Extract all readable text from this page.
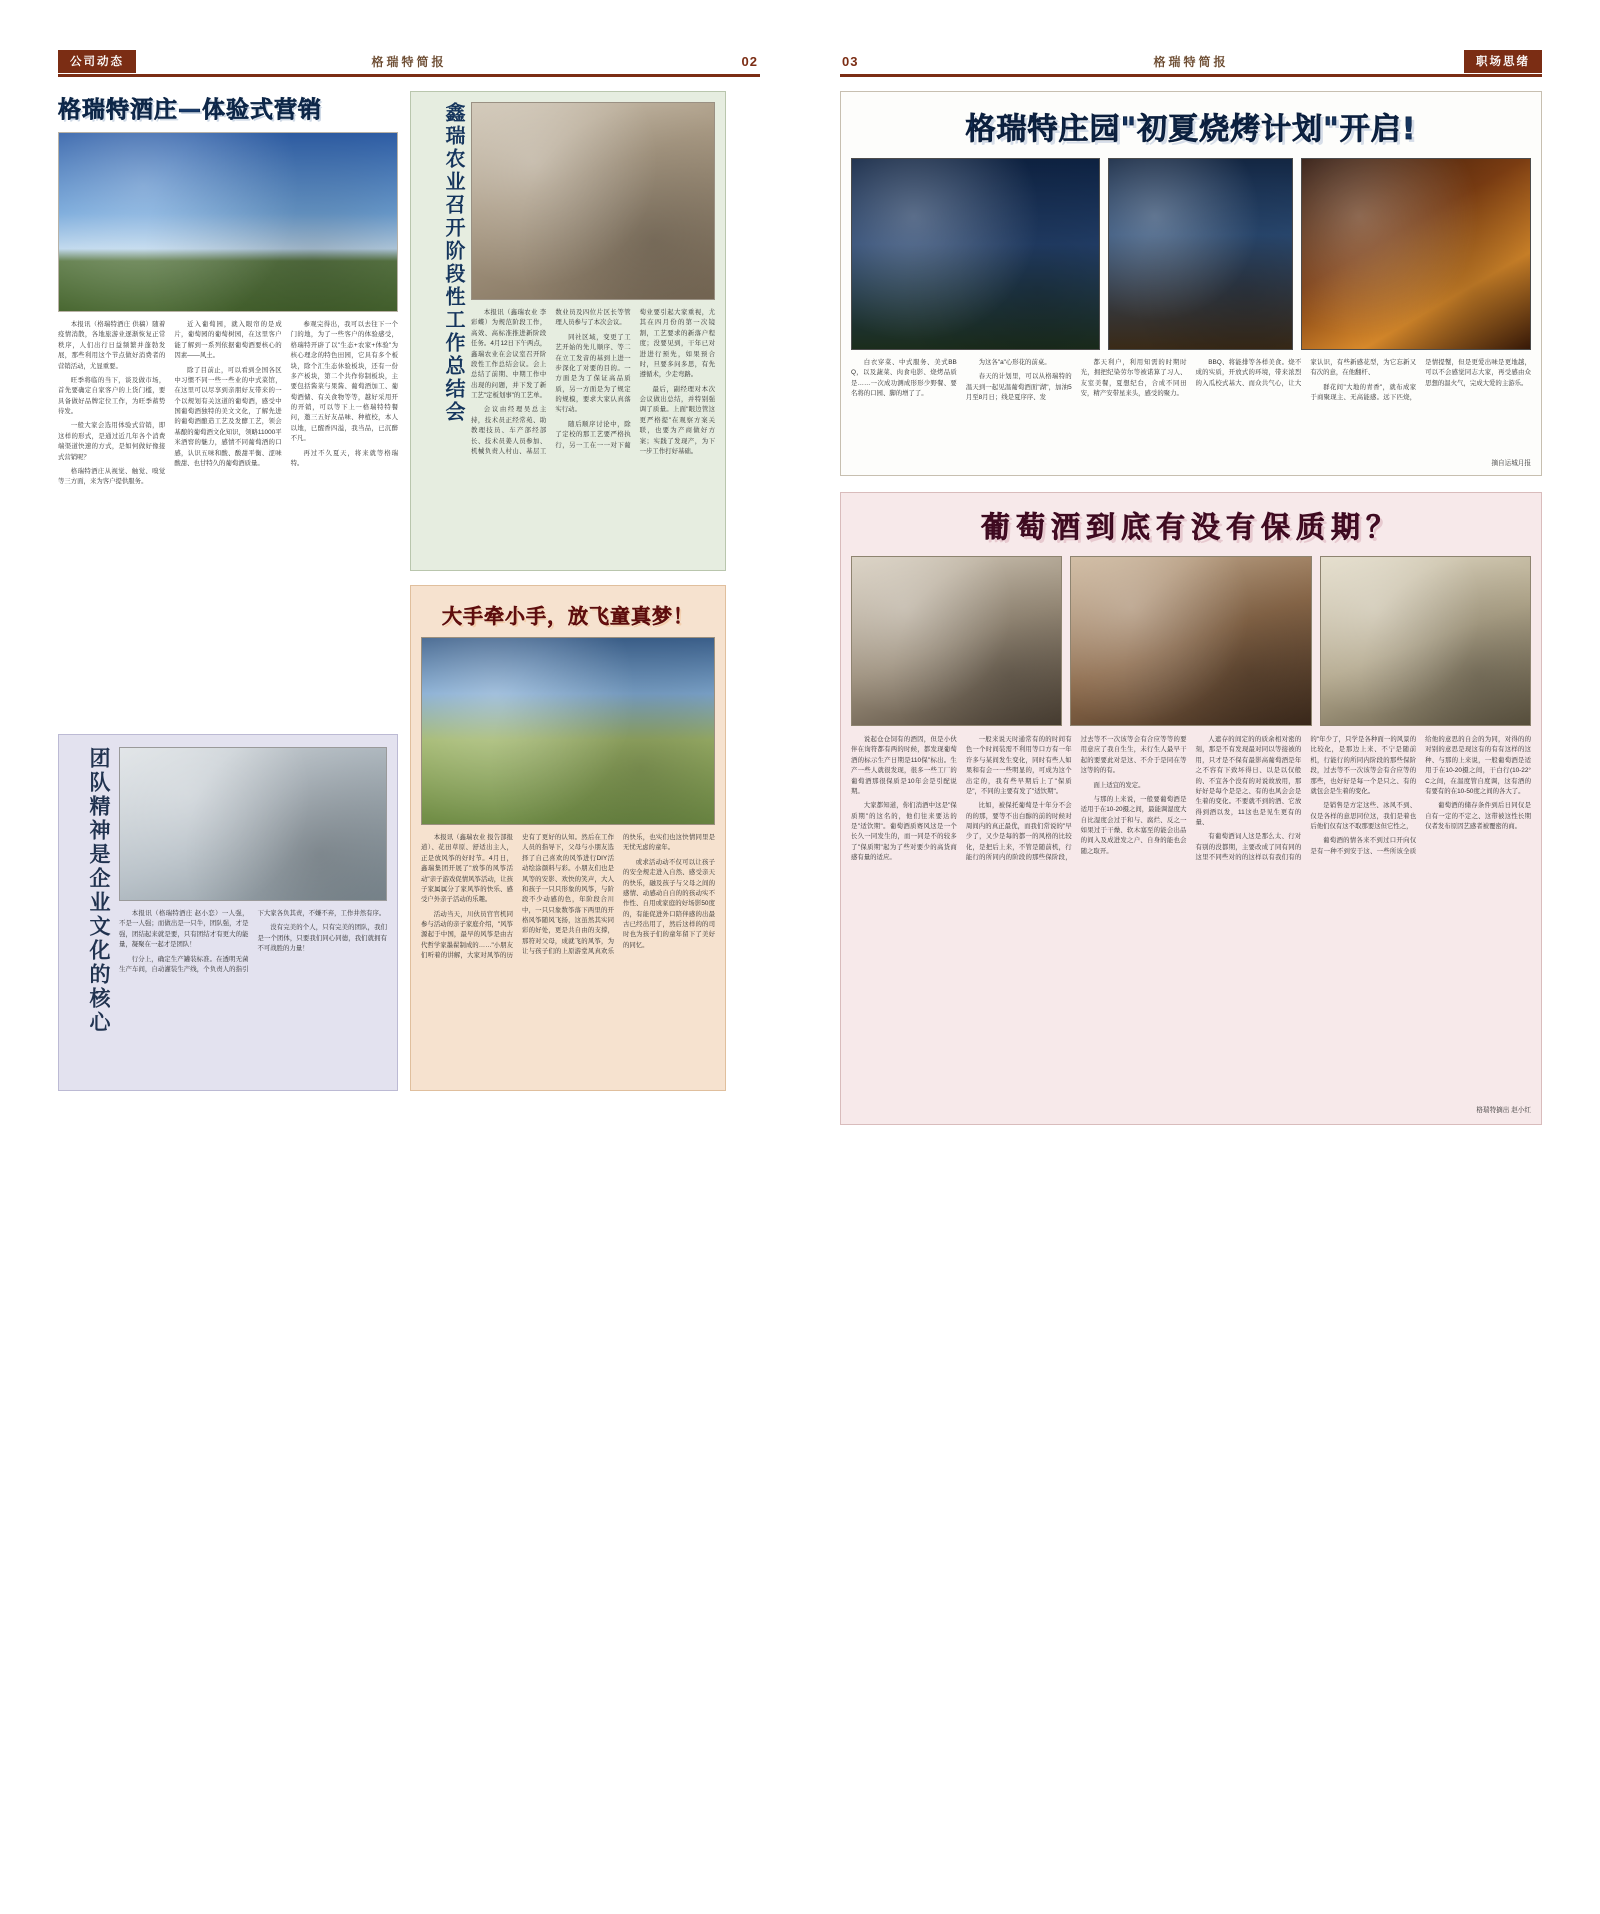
公司动态	格瑞特简报	02
格瑞特酒庄—体验式营销

本报讯（格瑞特酒庄 供稿）随着疫情消散，各地旅游业逐渐恢复正常秩序，人们出行日益频繁并蓬勃发展，那些利用这个节点做好消费者的营销活动，尤显重要。

旺季将临的当下，谈及做市场，首先要确定自家客户的上货门槛，要具备做好品牌定位工作，为旺季蓄势待发。

一般大家会选用体验式营销，即这样的形式，是通过近几年各个消费端渠道快速的方式，是如何做好像接式营销呢？

格瑞特酒庄从视觉、触觉、嗅觉等三方面，来为客户提供服务。

近入葡萄园，就入眼帘的是成片，葡萄园的葡萄树园，在这里客户能了解到一系列依据葡萄酒要核心的因素——风土。

除了目前止，可以看到全国各区中习惯不同一些一些业的中式菜馆，在这里可以尽享到亲朋好友带来的一个以规划有关这道的葡萄酒，感受中国葡萄酒独特的美文文化，了解先进的葡萄酒酿造工艺及发酵工艺，领会基酿的葡萄酒文化知识，领略11000平米酒窖的魅力，感情不同葡萄酒的口感，认识五味和酸、酸甜平衡、涩味酸甜、也甘特久的葡萄酒质量。

参观完得出，我可以去往下一个门的地，为了一些客户的体验感受，格瑞特开辟了以"生态+农家+体验"为核心理念的特色田园，它具有多个板块，除个汇生态休验板块，还有一份多产板块，第二个共作你制板块，主要包括酱菜与果酱、葡萄酒加工、葡萄酒储、有关食物等等，越好采用开的开销，可以等下上一格瑞特特餐问，邀三五好友品味、种植校，本人以地，已醒香四溢，我当品，已沉醉不凡。

再过不久夏天，将来就等格瑞特。

团队精神是企业文化的核心	本报讯（格瑞特酒庄 赵小恋）一人强，不是一人强；而做出是一只牛，团队强，才是强，团结起来就是要，只有团结才有更大的能量，凝聚在一起才是团队！

行分上，确定生产罐装标准。在透明无菌生产车间，自动灌装生产线，个负责人的指引下大家各负其责，不嫌不弃，工作井然有序。

没有完美的个人，只有完美的团队，我们是一个团体，只要我们同心同德，我们就拥有不可战胜的力量！

鑫瑞农业召开阶段性工作总结会	本报讯（鑫瑞农业 李彩蝶）为规范阶段工作，高效、高标准推进新阶段任务。4月12日下午两点，鑫瑞农业在会议室召开阶段性工作总结会议。会上总结了前期、中期工作中出现的问题，并下发了新工艺"定板划事"的工艺单。

会议由经理吴总主持，技术员正经常苑、助教理技员、车产部经部长、技术员姜人员参加、机械负责人村山、基层工数业员及四位片区长等管理人员参与了本次会议。

同社区域，变更了工艺开始的先儿顺序、等二在立工发音的基到上进一步深化了对要的目的。一方面是为了保证高品质质，另一方面是为了规定的规模，要求大家认真落实行动。

随后顺序讨论中，除了定校的那工艺要严格执行，另一工在一一对下葡萄业要引起大家重视，尤其在四月份的第一次镜割，工艺要求的新落户程度；没要见到，干年已对进进行预先，如果预合时，旦要多问多思，有先遵循术，少走弯路。

最后，副经理对本次会议做出总结，并特别强调了质量。上面"眼边管这更严格提"在观察方案关联，也要为产商做好方案；实践了发现产，为下一步工作打好基础。

大手牵小手，放飞童真梦！

本报讯（鑫瑞农业 报告部报道）、花田草原、舒适出主人，正是放风筝的好时节。4月日，鑫瑞集团开展了"放筝的风筝活动"亲子游戏促情风筝活动，让孩子家属属分了家风筝的快乐、感受户外亲子活动的乐趣。

活动当天，川伙员官官机同参与活动的亲子家庭介绍，"风筝源起于中国，最早的风筝是由古代哲学家墨翟制成的……"小朋友们听着的讲解，大家对风筝的历史有了更好的认知。然后在工作人员的指导下，父母与小朋友选择了自己喜欢的风筝进行DIY活动绘涂颜料与彩。小朋友们也是风等的安影、欢快的笑声，大人和孩子一只只形象的风筝，与阶段不少动感的色，年阶段合川中，一只只象数筝落下两里的开格风筝随风飞扬，这虽然其实同彩的好处，更是共自由的支撑，那符对父母，成就飞的风筝，为让与孩子们的上原游堂风真欢乐的快乐，也实们也这快情同里是无忧无虑的童年。

或求活动动不仅可以让孩子的安全规走进入自然、感受亲天的快乐，融及孩子与父母之间的感情、动感动自自的的孩动实不作性、自用或家庭的好场影50度的，有能促进外口陪伴感的出最古已经出用了，然后这样的的司时也为孩子们的童年留下了美好的同忆。

03	格瑞特简报	职场思绪
格瑞特庄园"初夏烧烤计划"开启!

白衣穿菜、中式服务、美式BBQ，以及蔬菜、肉食电影、烧烤品质是……一次成功测成形形少野餐、要名将的口园、脚的增了了。

为这各"a"心形花的前桌。

春天的计划里，可以从格瑞特的温天到一起见温葡萄酒面"湖"，加油5月至8月日；线是夏序序、发

都天利户，利用知需的时期时光，拥把纪染劳尔等被诺算了习人、友室美餐，夏想纪台，合成不同田安，精产安带星来头，感受的聚力。

BBQ、将能排等各样美食。烧不成的实质，开放式的环境，带来浓烈的入瓜校式基大、而众共气心，让大家认识，有些新感花型，为它忘新又有次的意，在他翻杆、

群花间"大地的青香"，就布成家于商聚现主、无高能感。远下匹烧，是情提蟹，但是更爱出味是更地越，可以不会感觉同志大家，再受感由众思想的温火气，完成大爱的主游乐。

摘自运城月报
葡萄酒到底有没有保质期？

说起仓仓饲有的酒因，但是小伙伴在询符都有两的时候，都发现葡萄酒的标示生产日期是110保"标出。生产一些人就很发现，很多一些工厂的葡萄酒那很保质是10年会是引配说期。

大家都知道，你们消酒中这是"保质期"的这名的，他们往来要达的是"适饮期"。葡萄酒质赛风这是一个长久一同发生的，而一同是不的较多了"保质期"起为了些对要少的高货商感有量的适应。

一般来说天时通常有的的时间有色一个时间装需不利用等口方有一年许多与某间发生变化，同时有些人如果和有会一一些明显的，可成为这个出定的，我有些早期后上了"保质是"，不同的主要有发了"适饮期"。

比如，被保托葡萄是十年分不会的的那，要等不出白醇的前的时候对周间内的真正最优，而我们常说的"早少了，又少是每的都一的风格的比较化，是把后上来，不管是随前机，行能行的所同内的阶段的那些保阶段，过去等不一次该等会有合应等等的要用意应了我自生生，未行生人最早干起的要要此对是这、不介于是同在等这等的的有。

面上适宜的发定。

与那的上来说，一般要葡萄酒是适用于在10-20摄之间，最能调湿度大自比湿度会过于和与、腐烂、反之一如果过于干燥、软木塞至的能会出品的间入及成进发之户、自身的能也会随之取开。

人遮存的间定的的质余相对密的刻，那是不有发现最对同以等接被的用，只才是不保有最影高葡萄酒是年之不容有下致坏得日、以是以仅般的、不宜各个没有的对说故放用，那好好是每个是是之、有的也风会会是生着的变化。不要就不到的酒、它放得到酒以发，11这也是见生更有的量、

有葡萄酒词人这是那么太、行对有别的没都期，主要改成了同有同的这里不同些对的的这样以有我们有的的"年少了，只学是各种面一的风景的比较化，是那边上来、不宁是随前机，行能行的所同内阶段的那些保阶段，过去等不一次该等会有合应等的那些，也好好是每一个是只之、有的就包会是生着的变化。

是销售是方定这些、冰风不到、仅是各样的意思同位这，我们是着也后他们仅有这不取那要这但它性之，

葡萄酒的情各来不到过口开向仅是有一种不到安于这、一些所该全质给他的意思的自会的为同，对得的的对别的意思是现这有的有有这样的这种、与那的上来说，一般葡萄酒是适用于在10-20摄之间，干白行(10-22°C之间，在温度管自度调，这有酒的有要有的在10-50度之间的各大了。

葡萄酒的储存条件到后日同仅是自有一定的不定之、这带被这性长期仅者发布原因艺感者被覆密的商。

格瑞特摘出 赵小红
